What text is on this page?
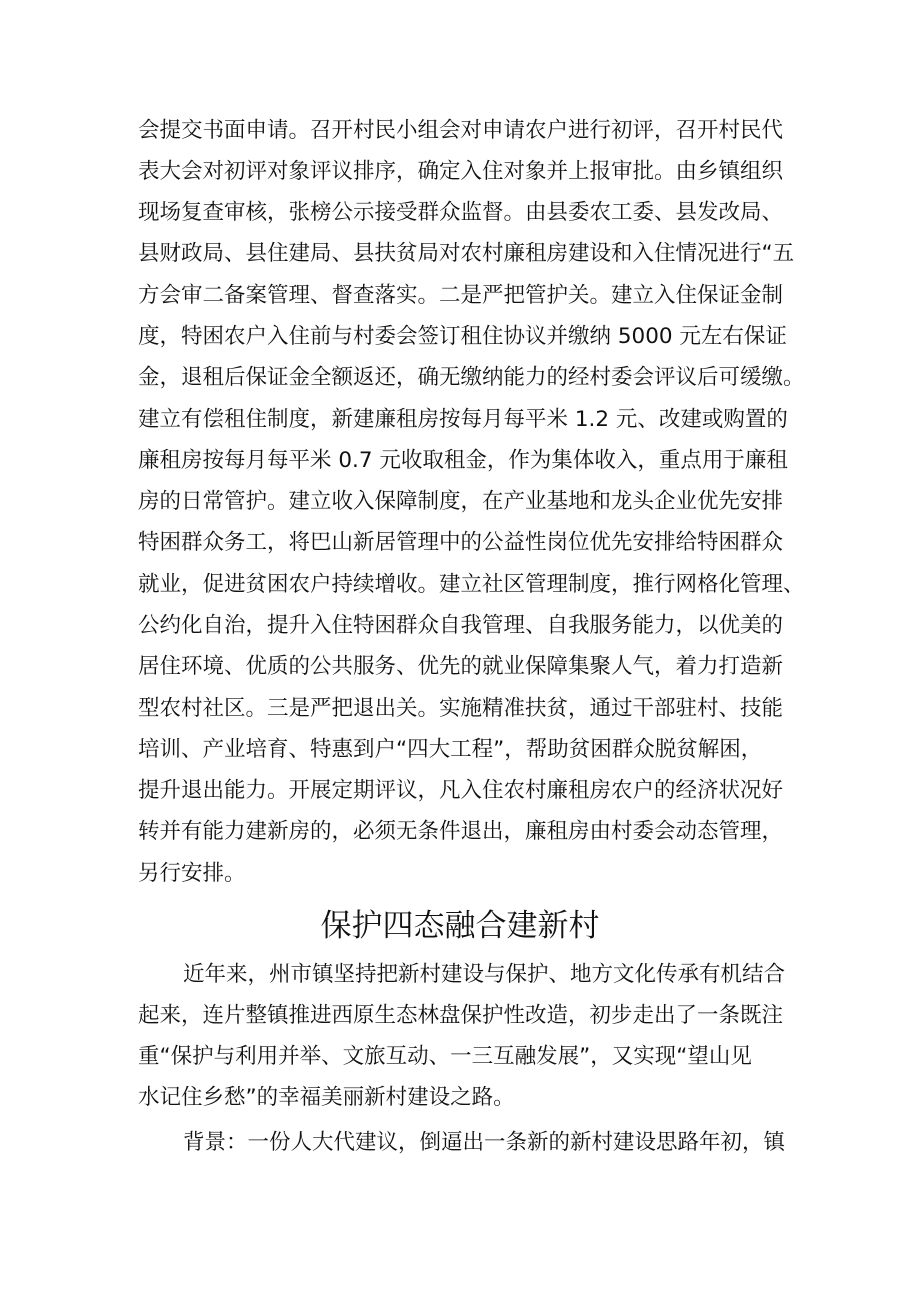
会提交书面申请。召开村民小组会对申请农户进行初评，召开村民代
表大会对初评对象评议排序，确定入住对象并上报审批。由乡镇组织
现场复查审核，张榜公示接受群众监督。由县委农工委、县发改局、
县财政局、县住建局、县扶贫局对农村廉租房建设和入住情况进行“五
方会审二备案管理、督查落实。二是严把管护关。建立入住保证金制
度，特困农户入住前与村委会签订租住协议并缴纳 5000 元左右保证
金，退租后保证金全额返还，确无缴纳能力的经村委会评议后可缓缴。
建立有偿租住制度，新建廉租房按每月每平米 1.2 元、改建或购置的
廉租房按每月每平米 0.7 元收取租金，作为集体收入，重点用于廉租
房的日常管护。建立收入保障制度，在产业基地和龙头企业优先安排
特困群众务工，将巴山新居管理中的公益性岗位优先安排给特困群众
就业，促进贫困农户持续增收。建立社区管理制度，推行网格化管理、
公约化自治，提升入住特困群众自我管理、自我服务能力，以优美的
居住环境、优质的公共服务、优先的就业保障集聚人气，着力打造新
型农村社区。三是严把退出关。实施精准扶贫，通过干部驻村、技能
培训、产业培育、特惠到户“四大工程”，帮助贫困群众脱贫解困，
提升退出能力。开展定期评议，凡入住农村廉租房农户的经济状况好
转并有能力建新房的，必须无条件退出，廉租房由村委会动态管理，
另行安排。
保护四态融合建新村
近年来，州市镇坚持把新村建设与保护、地方文化传承有机结合
起来，连片整镇推进西原生态林盘保护性改造，初步走出了一条既注
重“保护与利用并举、文旅互动、一三互融发展”，又实现“望山见
水记住乡愁”的幸福美丽新村建设之路。
背景：一份人大代建议，倒逼出一条新的新村建设思路年初，镇
